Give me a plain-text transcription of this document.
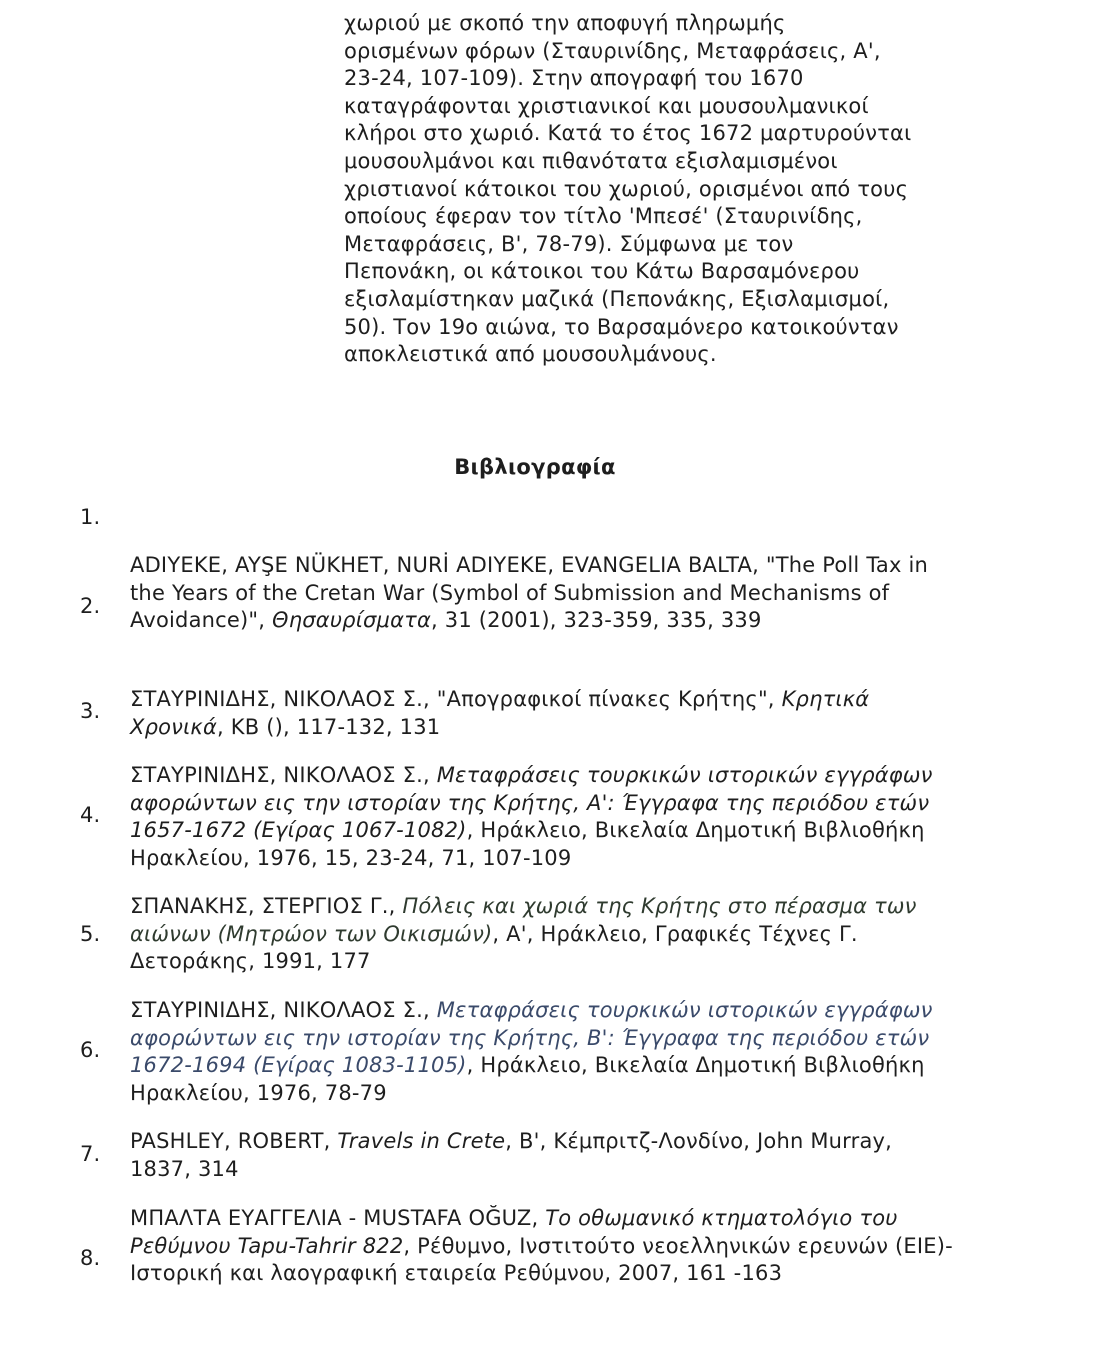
χωριού με σκοπό την αποφυγή πληρωμής
ορισμένων φόρων (Σταυρινίδης, Μεταφράσεις, Α',
23-24, 107-109). Στην απογραφή του 1670
καταγράφονται χριστιανικοί και μουσουλμανικοί
κλήροι στο χωριό. Κατά το έτος 1672 μαρτυρούνται
μουσουλμάνοι και πιθανότατα εξισλαμισμένοι
χριστιανοί κάτοικοι του χωριού, ορισμένοι από τους
οποίους έφεραν τον τίτλο 'Μπεσέ' (Σταυρινίδης,
Μεταφράσεις, Β', 78-79). Σύμφωνα με τον
Πεπονάκη, οι κάτοικοι του Κάτω Βαρσαμόνερου
εξισλαμίστηκαν μαζικά (Πεπονάκης, Εξισλαμισμοί,
50). Τον 19ο αιώνα, το Βαρσαμόνερο κατοικούνταν
αποκλειστικά από μουσουλμάνους.

Βιβλιογραφία
1.
2.
ADIYEKE, AYŞE NÜKHET, NURİ ADIYEKE, EVANGELIA BALTA, "The Poll Tax in the Years of the Cretan War (Symbol of Submission and Mechanisms of Avoidance)", Θησαυρίσματα, 31 (2001), 323-359, 335, 339
3.	ΣΤΑΥΡΙΝΙΔΗΣ, ΝΙΚΟΛΑΟΣ Σ., "Απογραφικοί πίνακες Κρήτης", Κρητικά Χρονικά, ΚΒ (), 117-132, 131
4.
ΣΤΑΥΡΙΝΙΔΗΣ, ΝΙΚΟΛΑΟΣ Σ., Μεταφράσεις τουρκικών ιστορικών εγγράφων αφορώντων εις την ιστορίαν της Κρήτης, Α': Έγγραφα της περιόδου ετών 1657-1672 (Εγίρας 1067-1082), Ηράκλειο, Βικελαία Δημοτική Βιβλιοθήκη Ηρακλείου, 1976, 15, 23-24, 71, 107-109
5.
ΣΠΑΝΑΚΗΣ, ΣΤΕΡΓΙΟΣ Γ., Πόλεις και χωριά της Κρήτης στο πέρασμα των αιώνων (Μητρώον των Οικισμών), Α', Ηράκλειο, Γραφικές Τέχνες Γ. Δετοράκης, 1991, 177
6.
ΣΤΑΥΡΙΝΙΔΗΣ, ΝΙΚΟΛΑΟΣ Σ., Μεταφράσεις τουρκικών ιστορικών εγγράφων αφορώντων εις την ιστορίαν της Κρήτης, Β': Έγγραφα της περιόδου ετών 1672-1694 (Εγίρας 1083-1105), Ηράκλειο, Βικελαία Δημοτική Βιβλιοθήκη Ηρακλείου, 1976, 78-79
7.
PASHLEY, ROBERT, Travels in Crete, Β', Κέμπριτζ-Λονδίνο, John Murray, 1837, 314
8.
ΜΠΑΛΤΑ ΕΥΑΓΓΕΛΙΑ - MUSTAFA OĞUZ, Το οθωμανικό κτηματολόγιο του Ρεθύμνου Tapu-Tahrir 822, Ρέθυμνο, Ινστιτούτο νεοελληνικών ερευνών (ΕΙΕ)- Ιστορική και λαογραφική εταιρεία Ρεθύμνου, 2007, 161 -163
